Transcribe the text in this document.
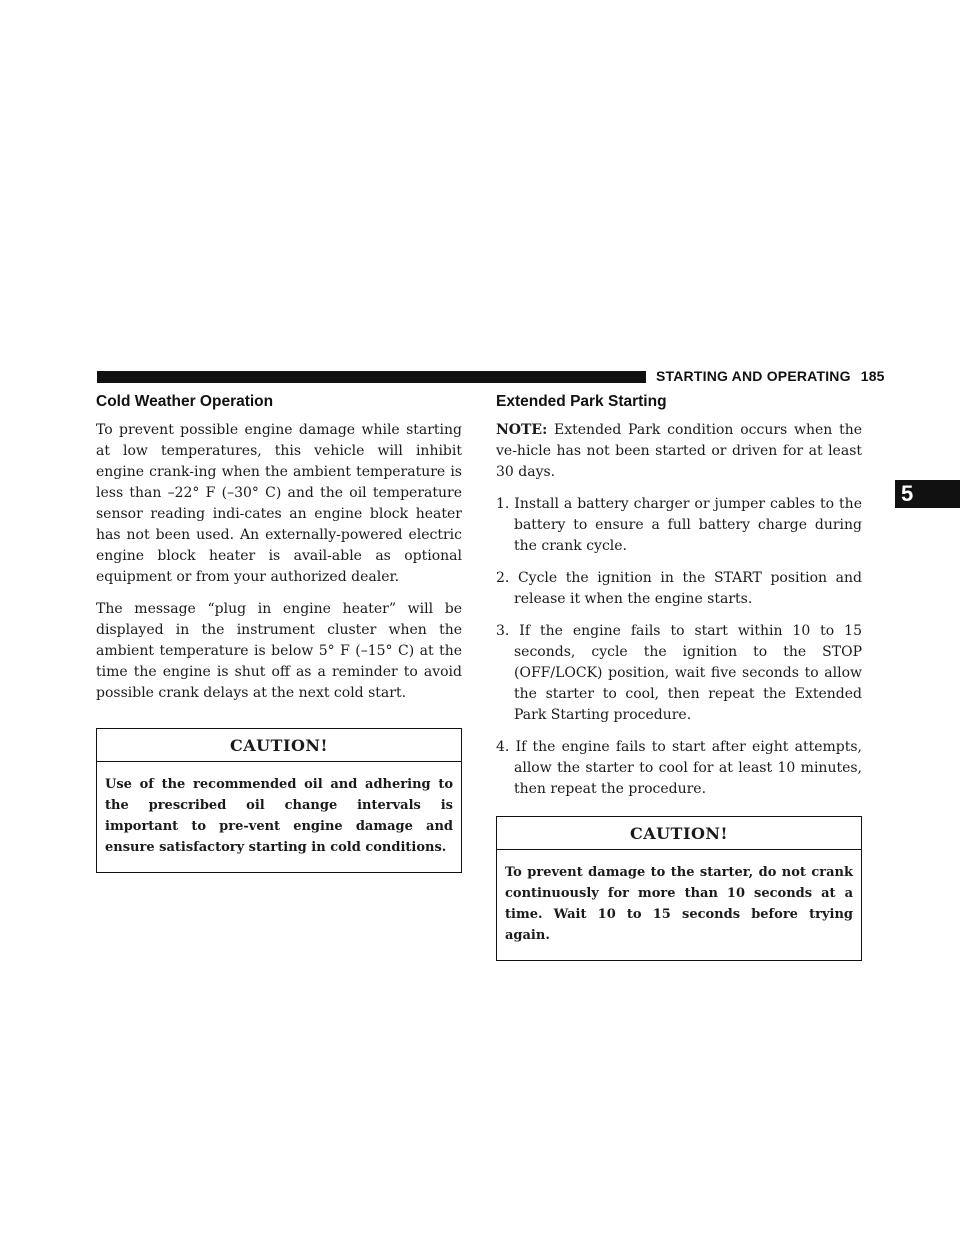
STARTING AND OPERATING 185
5
Cold Weather Operation

To prevent possible engine damage while starting at low temperatures, this vehicle will inhibit engine crank-ing when the ambient temperature is less than –22° F (–30° C) and the oil temperature sensor reading indi-cates an engine block heater has not been used. An externally-powered electric engine block heater is avail-able as optional equipment or from your authorized dealer.

The message “plug in engine heater” will be displayed in the instrument cluster when the ambient temperature is below 5° F (–15° C) at the time the engine is shut off as a reminder to avoid possible crank delays at the next cold start.

CAUTION!
Use of the recommended oil and adhering to the prescribed oil change intervals is important to pre-vent engine damage and ensure satisfactory starting in cold conditions.
Extended Park Starting

NOTE: Extended Park condition occurs when the ve-hicle has not been started or driven for at least 30 days.

1. Install a battery charger or jumper cables to the battery to ensure a full battery charge during the crank cycle.
2. Cycle the ignition in the START position and release it when the engine starts.
3. If the engine fails to start within 10 to 15 seconds, cycle the ignition to the STOP (OFF/LOCK) position, wait five seconds to allow the starter to cool, then repeat the Extended Park Starting procedure.
4. If the engine fails to start after eight attempts, allow the starter to cool for at least 10 minutes, then repeat the procedure.
CAUTION!
To prevent damage to the starter, do not crank continuously for more than 10 seconds at a time. Wait 10 to 15 seconds before trying again.
